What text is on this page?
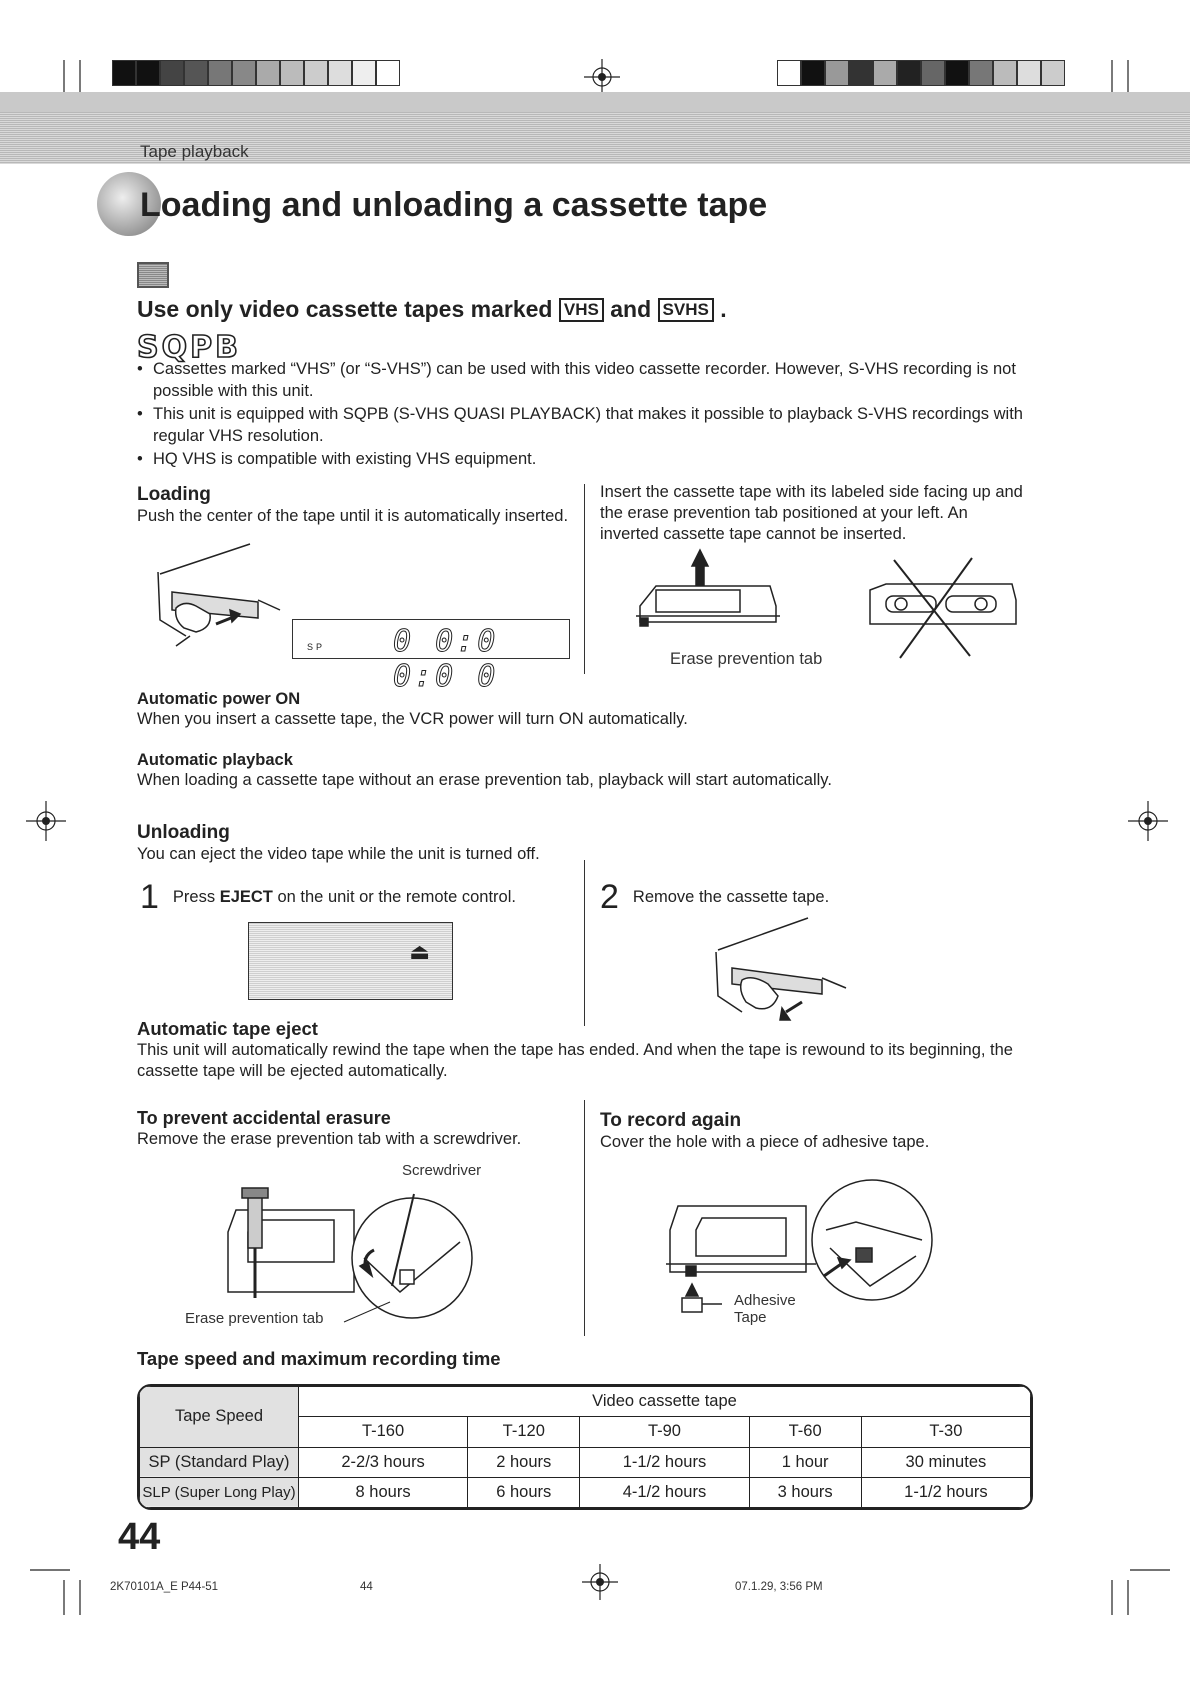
Tape playback
Loading and unloading a cassette tape
Use only video cassette tapes marked VHS and SVHS .
SQPB
• Cassettes marked “VHS” (or “S-VHS”) can be used with this video cassette recorder. However, S-VHS recording is not possible with this unit.
• This unit is equipped with SQPB (S-VHS QUASI PLAYBACK) that makes it possible to playback S-VHS recordings with regular VHS resolution.
• HQ VHS is compatible with existing VHS equipment.
Loading

Push the center of the tape until it is automatically inserted.

Insert the cassette tape with its labeled side facing up and the erase prevention tab positioned at your left. An inverted cassette tape cannot be inserted.

SP 0 0:0 0:0 0	Erase prevention tab
Automatic power ON

When you insert a cassette tape, the VCR power will turn ON automatically.

Automatic playback

When loading a cassette tape without an erase prevention tab, playback will start automatically.

Unloading

You can eject the video tape while the unit is turned off.

1 Press EJECT on the unit or the remote control.

⏏
2 Remove the cassette tape.

Automatic tape eject

This unit will automatically rewind the tape when the tape has ended. And when the tape is rewound to its beginning, the cassette tape will be ejected automatically.

To prevent accidental erasure

Remove the erase prevention tab with a screwdriver.

To record again

Cover the hole with a piece of adhesive tape.

Screwdriver
Erase prevention tab
Adhesive
Tape
Tape speed and maximum recording time
Tape Speed	Video cassette tape				
	T-160	T-120	T-90	T-60	T-30
SP (Standard Play)	2-2/3 hours	2 hours	1-1/2 hours	1 hour	30 minutes
SLP (Super Long Play)	8 hours	6 hours	4-1/2 hours	3 hours	1-1/2 hours
44
2K70101A_E P44-51	44	07.1.29, 3:56 PM
